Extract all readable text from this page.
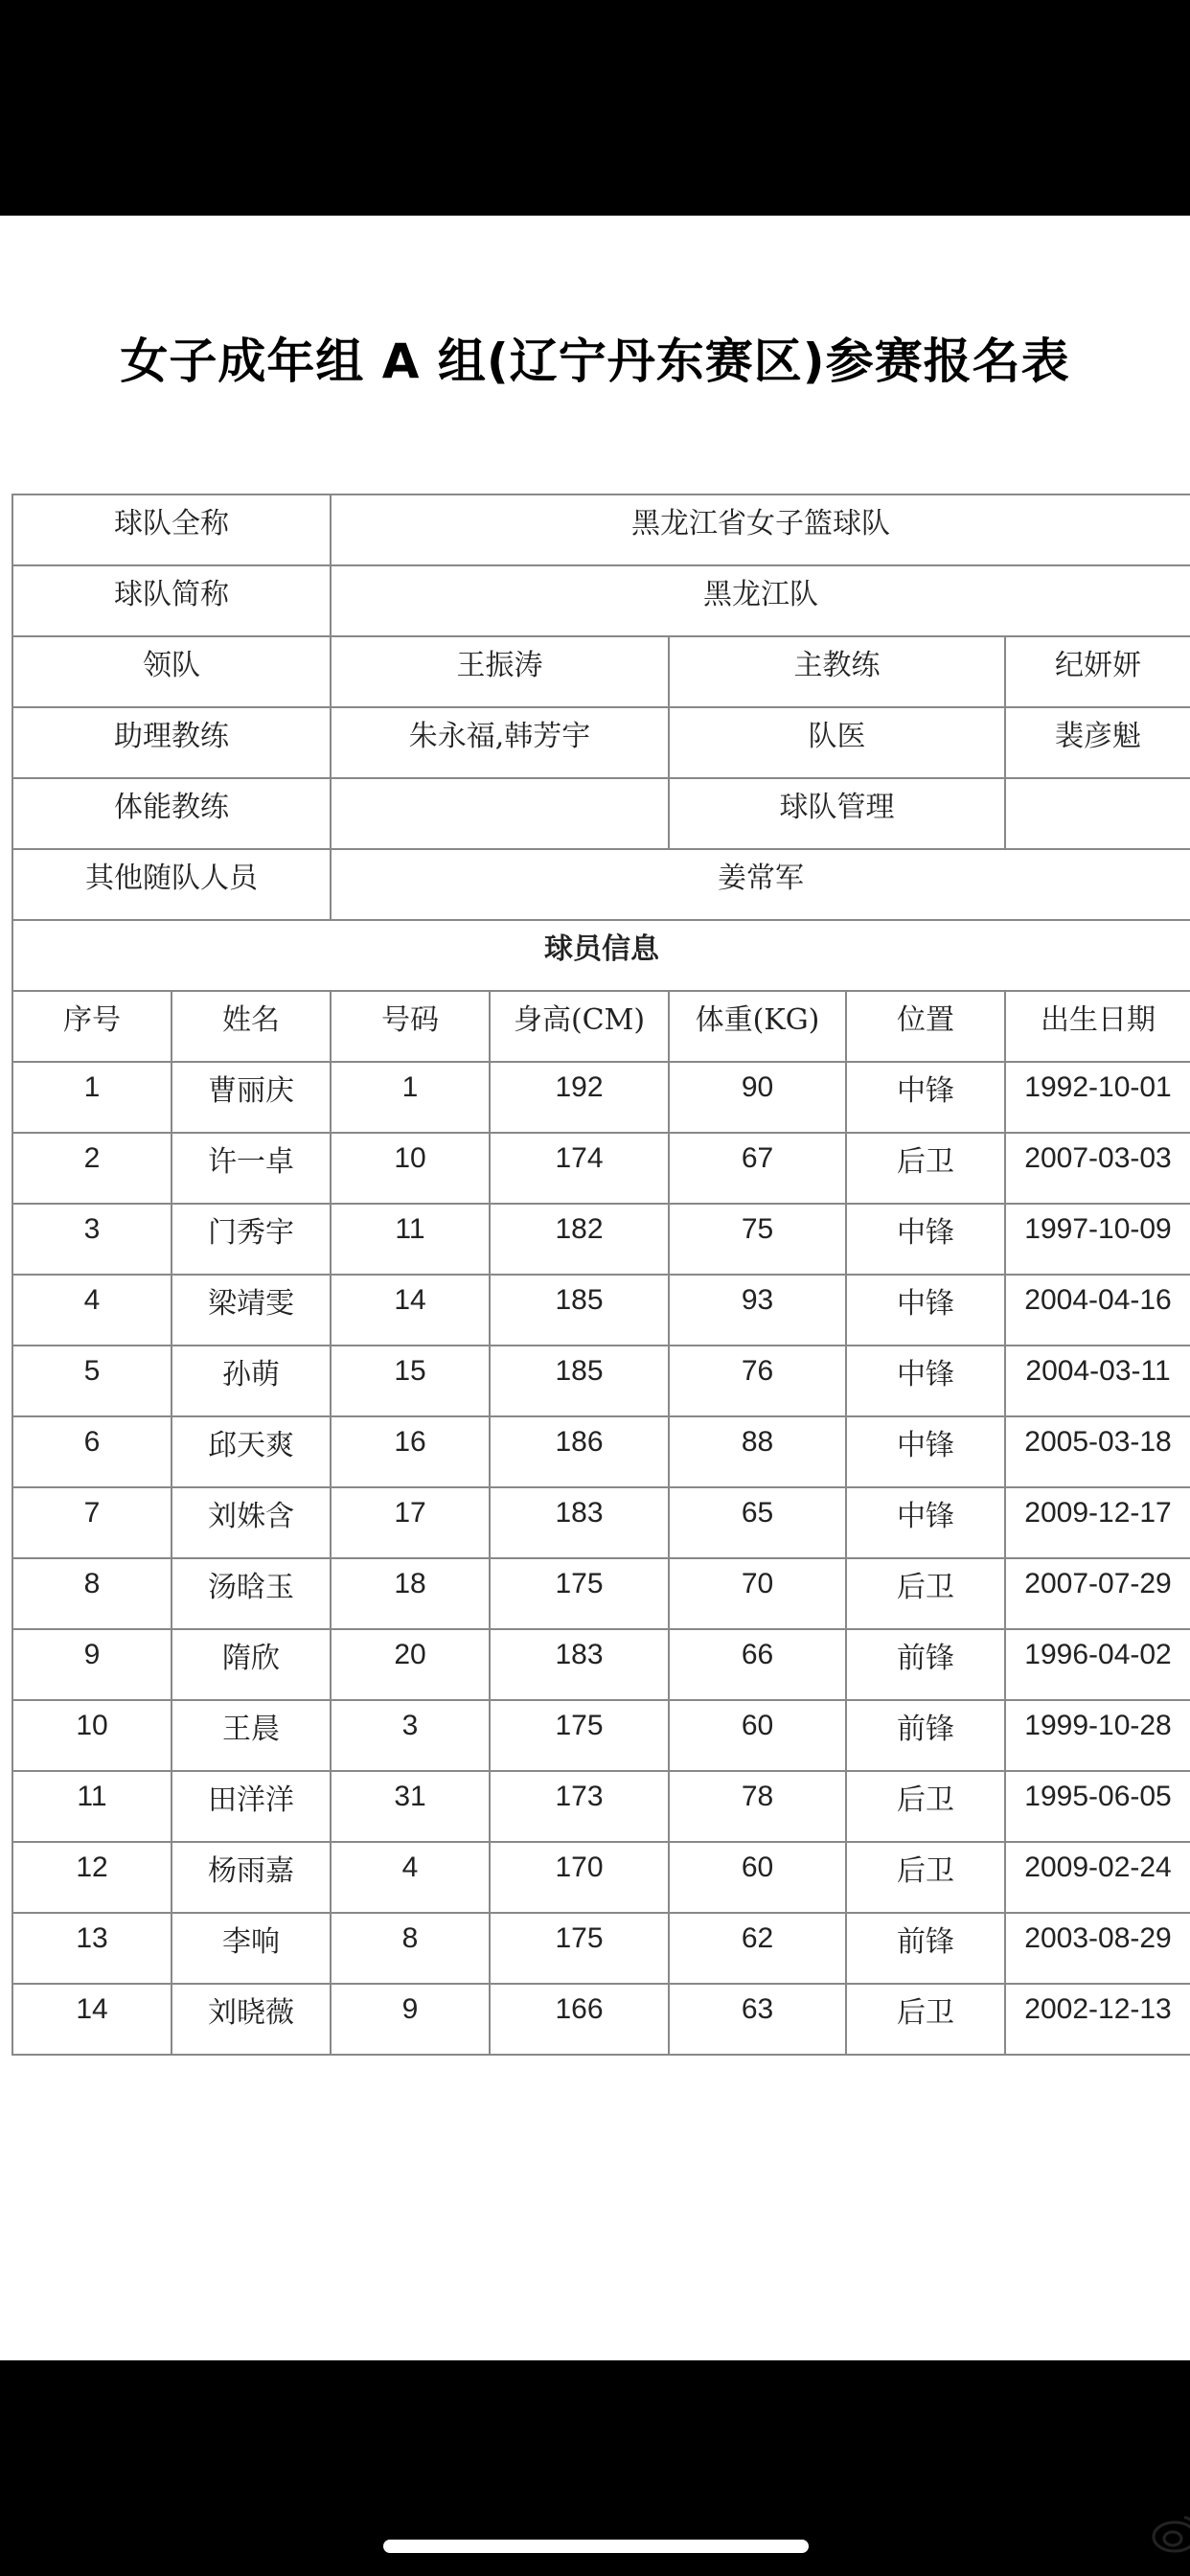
女子成年组 A 组(辽宁丹东赛区)参赛报名表
球队全称		黑龙江省女子篮球队				
球队简称		黑龙江队				
领队		王振涛		主教练		纪妍妍
助理教练		朱永福,韩芳宇		队医		裴彦魁
体能教练				球队管理		
其他随队人员		姜常军				
球员信息						
序号	姓名	号码	身高(CM)	体重(KG)	位置	出生日期
1	曹丽庆	1	192	90	中锋	1992-10-01
2	许一卓	10	174	67	后卫	2007-03-03
3	门秀宇	11	182	75	中锋	1997-10-09
4	梁靖雯	14	185	93	中锋	2004-04-16
5	孙萌	15	185	76	中锋	2004-03-11
6	邱天爽	16	186	88	中锋	2005-03-18
7	刘姝含	17	183	65	中锋	2009-12-17
8	汤晗玉	18	175	70	后卫	2007-07-29
9	隋欣	20	183	66	前锋	1996-04-02
10	王晨	3	175	60	前锋	1999-10-28
11	田洋洋	31	173	78	后卫	1995-06-05
12	杨雨嘉	4	170	60	后卫	2009-02-24
13	李响	8	175	62	前锋	2003-08-29
14	刘晓薇	9	166	63	后卫	2002-12-13
